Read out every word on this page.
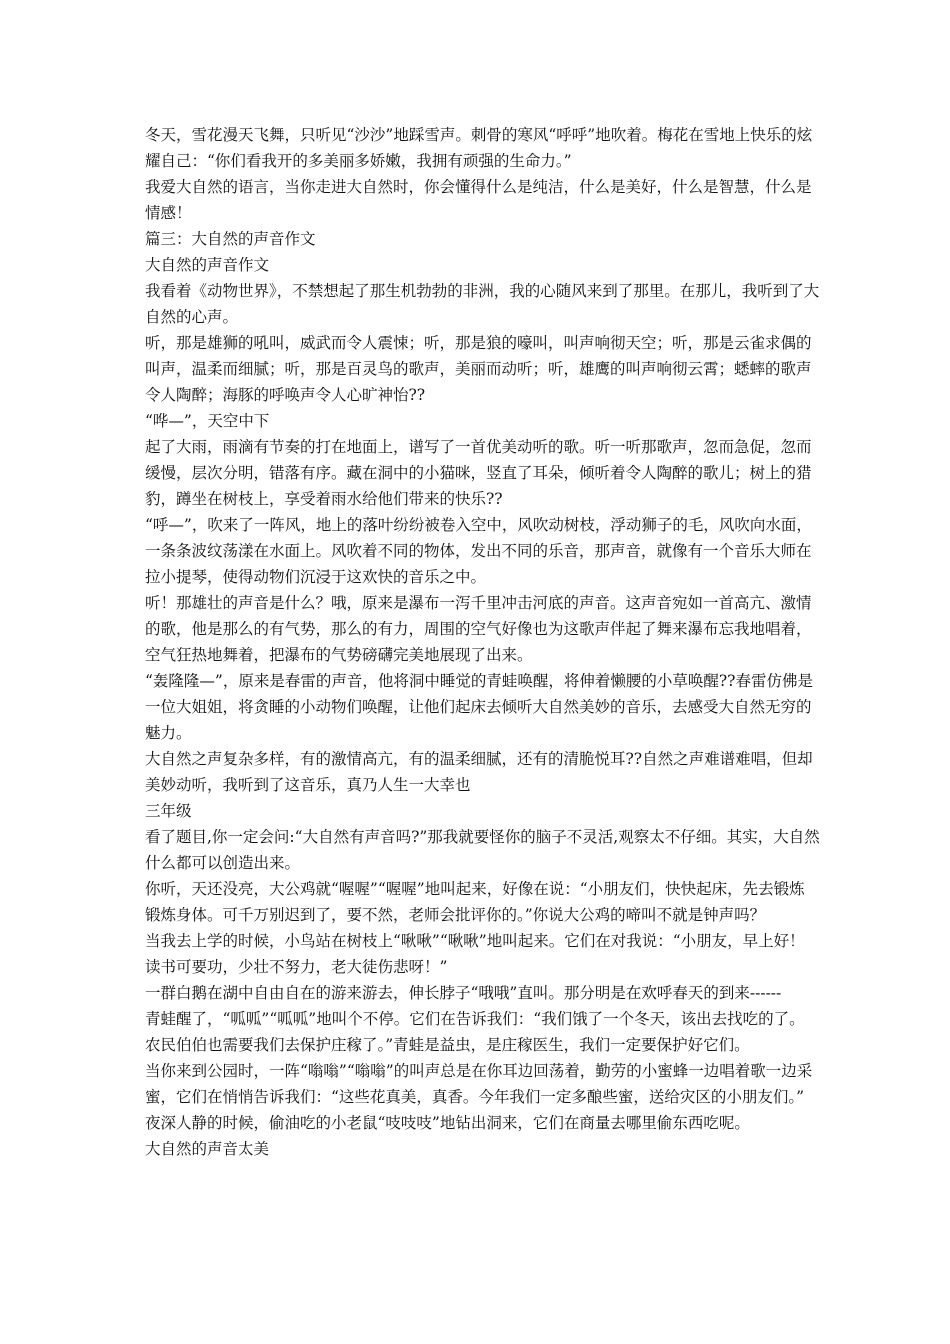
冬天，雪花漫天飞舞，只听见“沙沙”地踩雪声。刺骨的寒风“呼呼”地吹着。梅花在雪地上快乐的炫耀自己：“你们看我开的多美丽多娇嫩，我拥有顽强的生命力。”

我爱大自然的语言，当你走进大自然时，你会懂得什么是纯洁，什么是美好，什么是智慧，什么是情感！

篇三：大自然的声音作文

大自然的声音作文

我看着《动物世界》，不禁想起了那生机勃勃的非洲，我的心随风来到了那里。在那儿，我听到了大自然的心声。

听，那是雄狮的吼叫，威武而令人震悚；听，那是狼的嚎叫，叫声响彻天空；听，那是云雀求偶的叫声，温柔而细腻；听，那是百灵鸟的歌声，美丽而动听；听，雄鹰的叫声响彻云霄；蟋蟀的歌声令人陶醉；海豚的呼唤声令人心旷神怡??

“哗—”，天空中下

起了大雨，雨滴有节奏的打在地面上，谱写了一首优美动听的歌。听一听那歌声，忽而急促，忽而缓慢，层次分明，错落有序。藏在洞中的小猫咪，竖直了耳朵，倾听着令人陶醉的歌儿；树上的猎豹，蹲坐在树枝上，享受着雨水给他们带来的快乐??

“呼—”，吹来了一阵风，地上的落叶纷纷被卷入空中，风吹动树枝，浮动狮子的毛，风吹向水面，一条条波纹荡漾在水面上。风吹着不同的物体，发出不同的乐音，那声音，就像有一个音乐大师在拉小提琴，使得动物们沉浸于这欢快的音乐之中。

听！那雄壮的声音是什么？哦，原来是瀑布一泻千里冲击河底的声音。这声音宛如一首高亢、激情的歌，他是那么的有气势，那么的有力，周围的空气好像也为这歌声伴起了舞来瀑布忘我地唱着，空气狂热地舞着，把瀑布的气势磅礴完美地展现了出来。

“轰隆隆—”，原来是春雷的声音，他将洞中睡觉的青蛙唤醒，将伸着懒腰的小草唤醒??春雷仿佛是一位大姐姐，将贪睡的小动物们唤醒，让他们起床去倾听大自然美妙的音乐，去感受大自然无穷的魅力。

大自然之声复杂多样，有的激情高亢，有的温柔细腻，还有的清脆悦耳??自然之声难谱难唱，但却美妙动听，我听到了这音乐，真乃人生一大幸也

三年级

看了题目,你一定会问:“大自然有声音吗?”那我就要怪你的脑子不灵活,观察太不仔细。其实，大自然什么都可以创造出来。

你听，天还没亮，大公鸡就“喔喔”“喔喔”地叫起来，好像在说：“小朋友们，快快起床，先去锻炼锻炼身体。可千万别迟到了，要不然，老师会批评你的。”你说大公鸡的啼叫不就是钟声吗？

当我去上学的时候，小鸟站在树枝上“啾啾”“啾啾”地叫起来。它们在对我说：“小朋友，早上好！读书可要功，少壮不努力，老大徒伤悲呀！”

一群白鹅在湖中自由自在的游来游去，伸长脖子“哦哦”直叫。那分明是在欢呼春天的到来------

青蛙醒了，“呱呱”“呱呱”地叫个不停。它们在告诉我们：“我们饿了一个冬天，该出去找吃的了。农民伯伯也需要我们去保护庄稼了。”青蛙是益虫，是庄稼医生，我们一定要保护好它们。

当你来到公园时，一阵“嗡嗡”“嗡嗡”的叫声总是在你耳边回荡着，勤劳的小蜜蜂一边唱着歌一边采蜜，它们在悄悄告诉我们：“这些花真美，真香。今年我们一定多酿些蜜，送给灾区的小朋友们。” 夜深人静的时候，偷油吃的小老鼠“吱吱吱”地钻出洞来，它们在商量去哪里偷东西吃呢。

大自然的声音太美
